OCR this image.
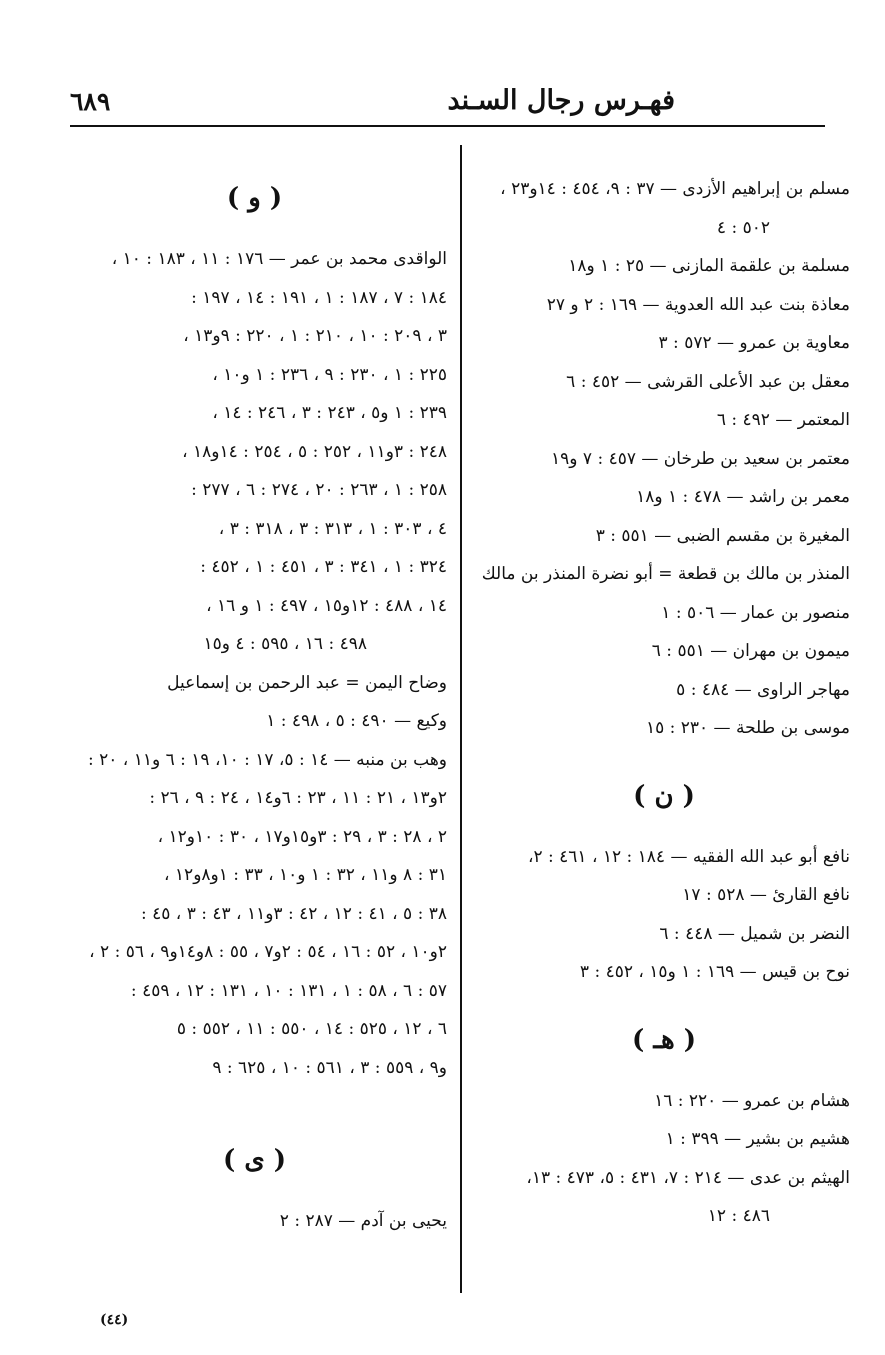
٦٨٩	فهـرس رجال السـند

مسلم بن إبراهيم الأزدى — ٣٧ : ٩، ٤٥٤ : ١٤و٢٣ ،

٥٠٢ : ٤

مسلمة بن علقمة المازنى — ٢٥ : ١ و١٨

معاذة بنت عبد الله العدوية — ١٦٩ : ٢ و ٢٧

معاوية بن عمرو — ٥٧٢ : ٣

معقل بن عبد الأعلى القرشى — ٤٥٢ : ٦

المعتمر — ٤٩٢ : ٦

معتمر بن سعيد بن طرخان — ٤٥٧ : ٧ و١٩

معمر بن راشد — ٤٧٨ : ١ و١٨

المغيرة بن مقسم الضبى — ٥٥١ : ٣

المنذر بن مالك بن قطعة = أبو نضرة المنذر بن مالك

منصور بن عمار — ٥٠٦ : ١

ميمون بن مهران — ٥٥١ : ٦

مهاجر الراوى — ٤٨٤ : ٥

موسى بن طلحة — ٢٣٠ : ١٥

( ن )

نافع أبو عبد الله الفقيه — ١٨٤ : ١٢ ، ٤٦١ : ٢،

نافع القارئ — ٥٢٨ : ١٧

النضر بن شميل — ٤٤٨ : ٦

نوح بن قيس — ١٦٩ : ١ و١٥ ، ٤٥٢ : ٣

( هـ )

هشام بن عمرو — ٢٢٠ : ١٦

هشيم بن بشير — ٣٩٩ : ١

الهيثم بن عدى — ٢١٤ : ٧، ٤٣١ : ٥، ٤٧٣ : ١٣،

٤٨٦ : ١٢

( و )

الواقدى محمد بن عمر — ١٧٦ : ١١ ، ١٨٣ : ١٠ ،

١٨٤ : ٧ ، ١٨٧ : ١ ، ١٩١ : ١٤ ، ١٩٧ :

٣ ، ٢٠٩ : ١٠ ، ٢١٠ : ١ ، ٢٢٠ : ٩و١٣ ،

٢٢٥ : ١ ، ٢٣٠ : ٩ ، ٢٣٦ : ١ و١٠ ،

٢٣٩ : ١ و٥ ، ٢٤٣ : ٣ ، ٢٤٦ : ١٤ ،

٢٤٨ : ٣و١١ ، ٢٥٢ : ٥ ، ٢٥٤ : ١٤و١٨ ،

٢٥٨ : ١ ، ٢٦٣ : ٢٠ ، ٢٧٤ : ٦ ، ٢٧٧ :

٤ ، ٣٠٣ : ١ ، ٣١٣ : ٣ ، ٣١٨ : ٣ ،

٣٢٤ : ١ ، ٣٤١ : ٣ ، ٤٥١ : ١ ، ٤٥٢ :

١٤ ، ٤٨٨ : ١٢و١٥ ، ٤٩٧ : ١ و ١٦ ،

٤٩٨ : ١٦ ، ٥٩٥ : ٤ و١٥

وضاح اليمن = عبد الرحمن بن إسماعيل

وكيع — ٤٩٠ : ٥ ، ٤٩٨ : ١

وهب بن منبه — ١٤ : ٥، ١٧ : ١٠، ١٩ : ٦ و١١ ، ٢٠ :

٢و١٣ ، ٢١ : ١١ ، ٢٣ : ٦و١٤ ، ٢٤ : ٩ ، ٢٦ :

٢ ، ٢٨ : ٣ ، ٢٩ : ٣و١٥و١٧ ، ٣٠ : ١٠و١٢ ،

٣١ : ٨ و١١ ، ٣٢ : ١ و١٠ ، ٣٣ : ١و٨و١٢ ،

٣٨ : ٥ ، ٤١ : ١٢ ، ٤٢ : ٣و١١ ، ٤٣ : ٣ ، ٤٥ :

٢و١٠ ، ٥٢ : ١٦ ، ٥٤ : ٢و٧ ، ٥٥ : ٨و١٤و٩ ، ٥٦ : ٢ ،

٥٧ : ٦ ، ٥٨ : ١ ، ١٣١ : ١٠ ، ١٣١ : ١٢ ، ٤٥٩ :

٦ ، ١٢ ، ٥٢٥ : ١٤ ، ٥٥٠ : ١١ ، ٥٥٢ : ٥

و٩ ، ٥٥٩ : ٣ ، ٥٦١ : ١٠ ، ٦٢٥ : ٩

( ى )

يحيى بن آدم — ٢٨٧ : ٢

(٤٤)
